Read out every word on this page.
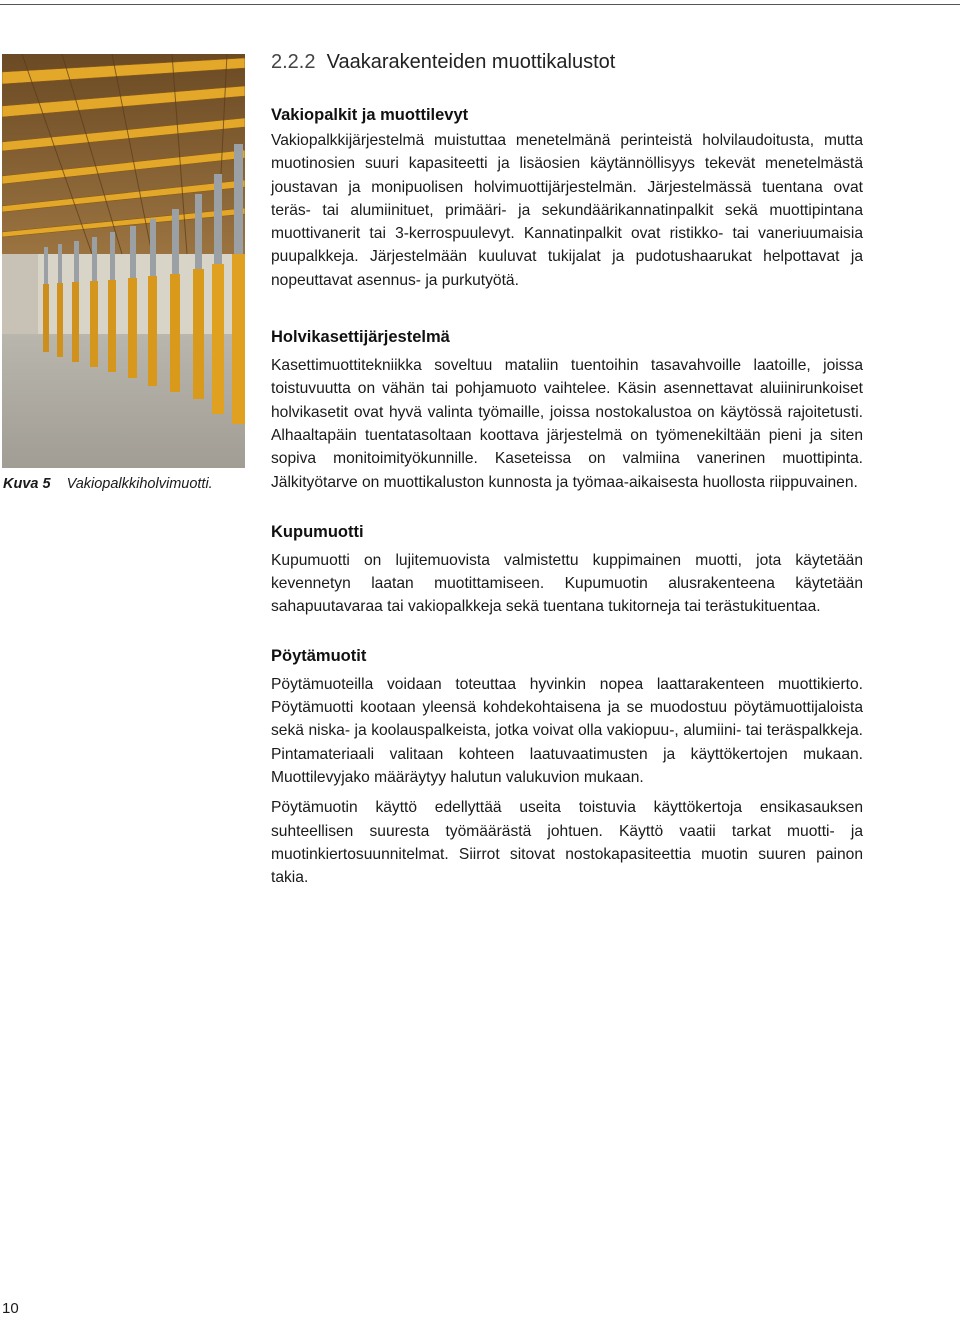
Kuva 5 Vakiopalkkiholvimuotti.
2.2.2 Vaakarakenteiden muottikalustot
Vakiopalkit ja muottilevyt

Vakiopalkkijärjestelmä muistuttaa menetelmänä perinteistä holvilaudoitusta, mutta muotinosien suuri kapasiteetti ja lisäosien käytännöllisyys tekevät menetelmästä joustavan ja monipuolisen holvimuottijärjestelmän. Järjestelmässä tuentana ovat teräs- tai alumiinituet, primääri- ja sekundäärikannatinpalkit sekä muottipintana muottivanerit tai 3-kerrospuulevyt. Kannatinpalkit ovat ristikko- tai vaneriuumaisia puupalkkeja. Järjestelmään kuuluvat tukijalat ja pudotushaarukat helpottavat ja nopeuttavat asennus- ja purkutyötä.

Holvikasettijärjestelmä

Kasettimuottitekniikka soveltuu mataliin tuentoihin tasavahvoille laatoille, joissa toistuvuutta on vähän tai pohjamuoto vaihtelee. Käsin asennettavat aluiinirunkoiset holvikasetit ovat hyvä valinta työmaille, joissa nostokalustoa on käytössä rajoitetusti. Alhaaltapäin tuentatasoltaan koottava järjestelmä on työmenekiltään pieni ja siten sopiva monitoimityökunnille. Kaseteissa on valmiina vanerinen muottipinta. Jälkityötarve on muottikaluston kunnosta ja työmaa-aikaisesta huollosta riippuvainen.

Kupumuotti

Kupumuotti on lujitemuovista valmistettu kuppimainen muotti, jota käytetään kevennetyn laatan muotittamiseen. Kupumuotin alusrakenteena käytetään sahapuutavaraa tai vakiopalkkeja sekä tuentana tukitorneja tai terästukituentaa.

Pöytämuotit

Pöytämuoteilla voidaan toteuttaa hyvinkin nopea laattarakenteen muottikierto. Pöytämuotti kootaan yleensä kohdekohtaisena ja se muodostuu pöytämuottijaloista sekä niska- ja koolauspalkeista, jotka voivat olla vakiopuu-, alumiini- tai teräspalkkeja. Pintamateriaali valitaan kohteen laatuvaatimusten ja käyttökertojen mukaan. Muottilevyjako määräytyy halutun valukuvion mukaan.

Pöytämuotin käyttö edellyttää useita toistuvia käyttökertoja ensikasauksen suhteellisen suuresta työmäärästä johtuen. Käyttö vaatii tarkat muotti- ja muotinkiertosuunnitelmat. Siirrot sitovat nostokapasiteettia muotin suuren painon takia.

10
